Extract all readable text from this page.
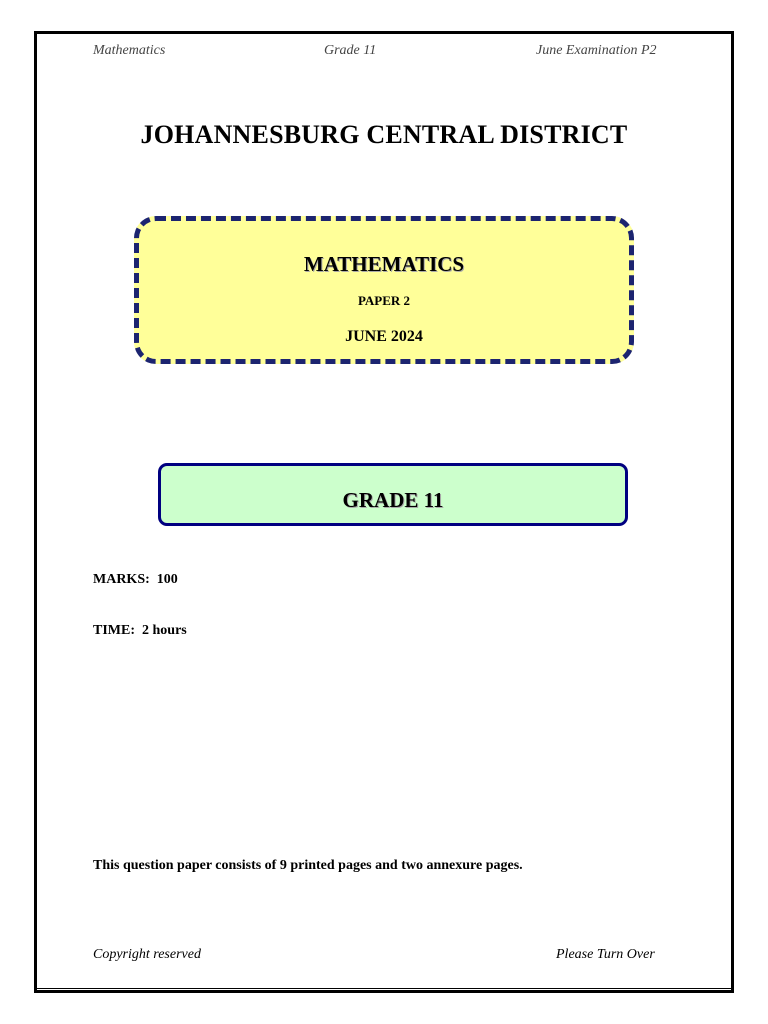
Mathematics	Grade 11	June Examination P2
JOHANNESBURG CENTRAL DISTRICT
MATHEMATICS
PAPER 2
JUNE 2024
GRADE 11
MARKS:  100
TIME:  2 hours
This question paper consists of 9 printed pages and two annexure pages.
Copyright reserved	Please Turn Over
